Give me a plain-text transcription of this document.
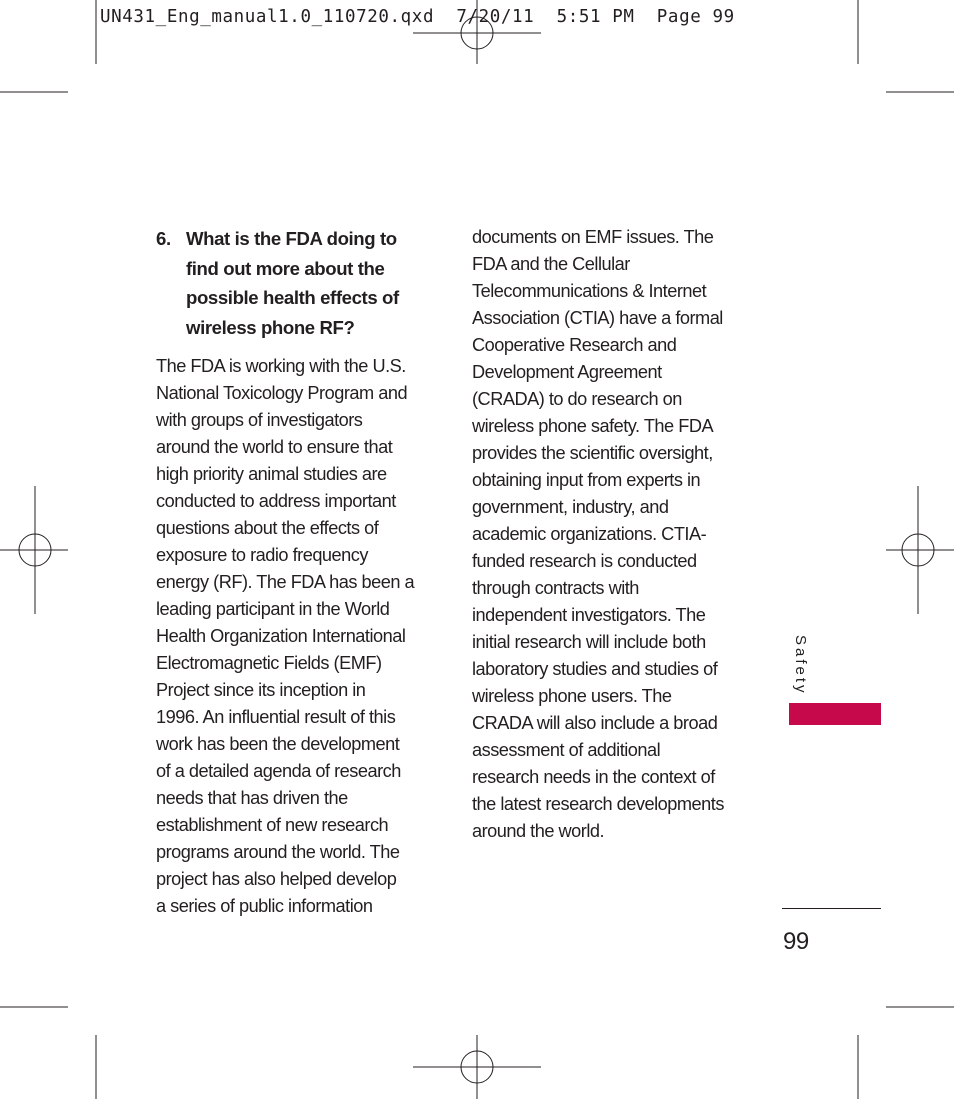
UN431_Eng_manual1.0_110720.qxd  7/20/11  5:51 PM  Page 99
6. What is the FDA doing to
find out more about the
possible health effects of
wireless phone RF?
The FDA is working with the U.S.
National Toxicology Program and
with groups of investigators
around the world to ensure that
high priority animal studies are
conducted to address important
questions about the effects of
exposure to radio frequency
energy (RF). The FDA has been a
leading participant in the World
Health Organization International
Electromagnetic Fields (EMF)
Project since its inception in
1996. An influential result of this
work has been the development
of a detailed agenda of research
needs that has driven the
establishment of new research
programs around the world. The
project has also helped develop
a series of public information
documents on EMF issues. The
FDA and the Cellular
Telecommunications & Internet
Association (CTIA) have a formal
Cooperative Research and
Development Agreement
(CRADA) to do research on
wireless phone safety. The FDA
provides the scientific oversight,
obtaining input from experts in
government, industry, and
academic organizations. CTIA-
funded research is conducted
through contracts with
independent investigators. The
initial research will include both
laboratory studies and studies of
wireless phone users. The
CRADA will also include a broad
assessment of additional
research needs in the context of
the latest research developments
around the world.
Safety
99
